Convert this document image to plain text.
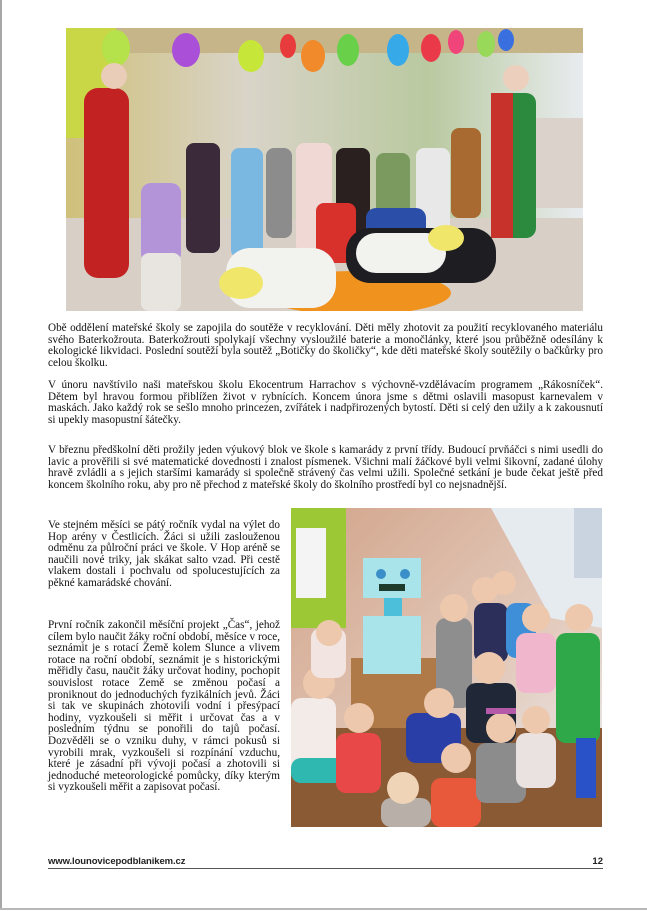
Obě oddělení mateřské školy se zapojila do soutěže v recyklování. Děti měly zhotovit za použití recyklovaného materiálu svého Baterkožrouta. Baterkožrouti spolykají všechny vysloužilé baterie a monočlánky, které jsou průběžně odesílány k ekologické likvidaci. Poslední soutěží byla soutěž „Botičky do školičky“, kde děti mateřské školy soutěžily o bačkůrky pro celou školku.

V únoru navštívilo naši mateřskou školu Ekocentrum Harrachov s výchovně-vzdělávacím programem „Rákosníček“. Dětem byl hravou formou přiblížen život v rybnících. Koncem února jsme s dětmi oslavili masopust karnevalem v maskách. Jako každý rok se sešlo mnoho princezen, zvířátek i nadpřirozených bytostí. Děti si celý den užily a k zakousnutí si upekly masopustní šátečky.

V březnu předškolní děti prožily jeden výukový blok ve škole s kamarády z první třídy. Budoucí prvňáčci s nimi usedli do lavic a prověřili si své matematické dovednosti i znalost písmenek. Všichni malí žáčkové byli velmi šikovní, zadané úlohy hravě zvládli a s jejich staršími kamarády si společně strávený čas velmi užili. Společné setkání je bude čekat ještě před koncem školního roku, aby pro ně přechod z mateřské školy do školního prostředí byl co nejsnadnější.

Ve stejném měsíci se pátý ročník vydal na výlet do Hop arény v Čestlicích. Žáci si užili zaslouženou odměnu za půlroční práci ve škole. V Hop aréně se naučili nové triky, jak skákat salto vzad. Při cestě vlakem dostali i pochvalu od spolucestujících za pěkné kamarádské chování.

První ročník zakončil měsíční projekt „Čas“, jehož cílem bylo naučit žáky roční období, měsíce v roce, seznámit je s rotací Země kolem Slunce a vlivem rotace na roční období, seznámit je s historickými měřidly času, naučit žáky určovat hodiny, pochopit souvislost rotace Země se změnou počasí a proniknout do jednoduchých fyzikálních jevů. Žáci si tak ve skupinách zhotovili vodní i přesýpací hodiny, vyzkoušeli si měřit i určovat čas a v posledním týdnu se ponořili do tajů počasí. Dozvěděli se o vzniku duhy, v rámci pokusů si vyrobili mrak, vyzkoušeli si rozpínání vzduchu, které je zásadní při vývoji počasí a zhotovili si jednoduché meteorologické pomůcky, díky kterým si vyzkoušeli měřit a zapisovat počasí.

www.lounovicepodblanikem.cz	12
